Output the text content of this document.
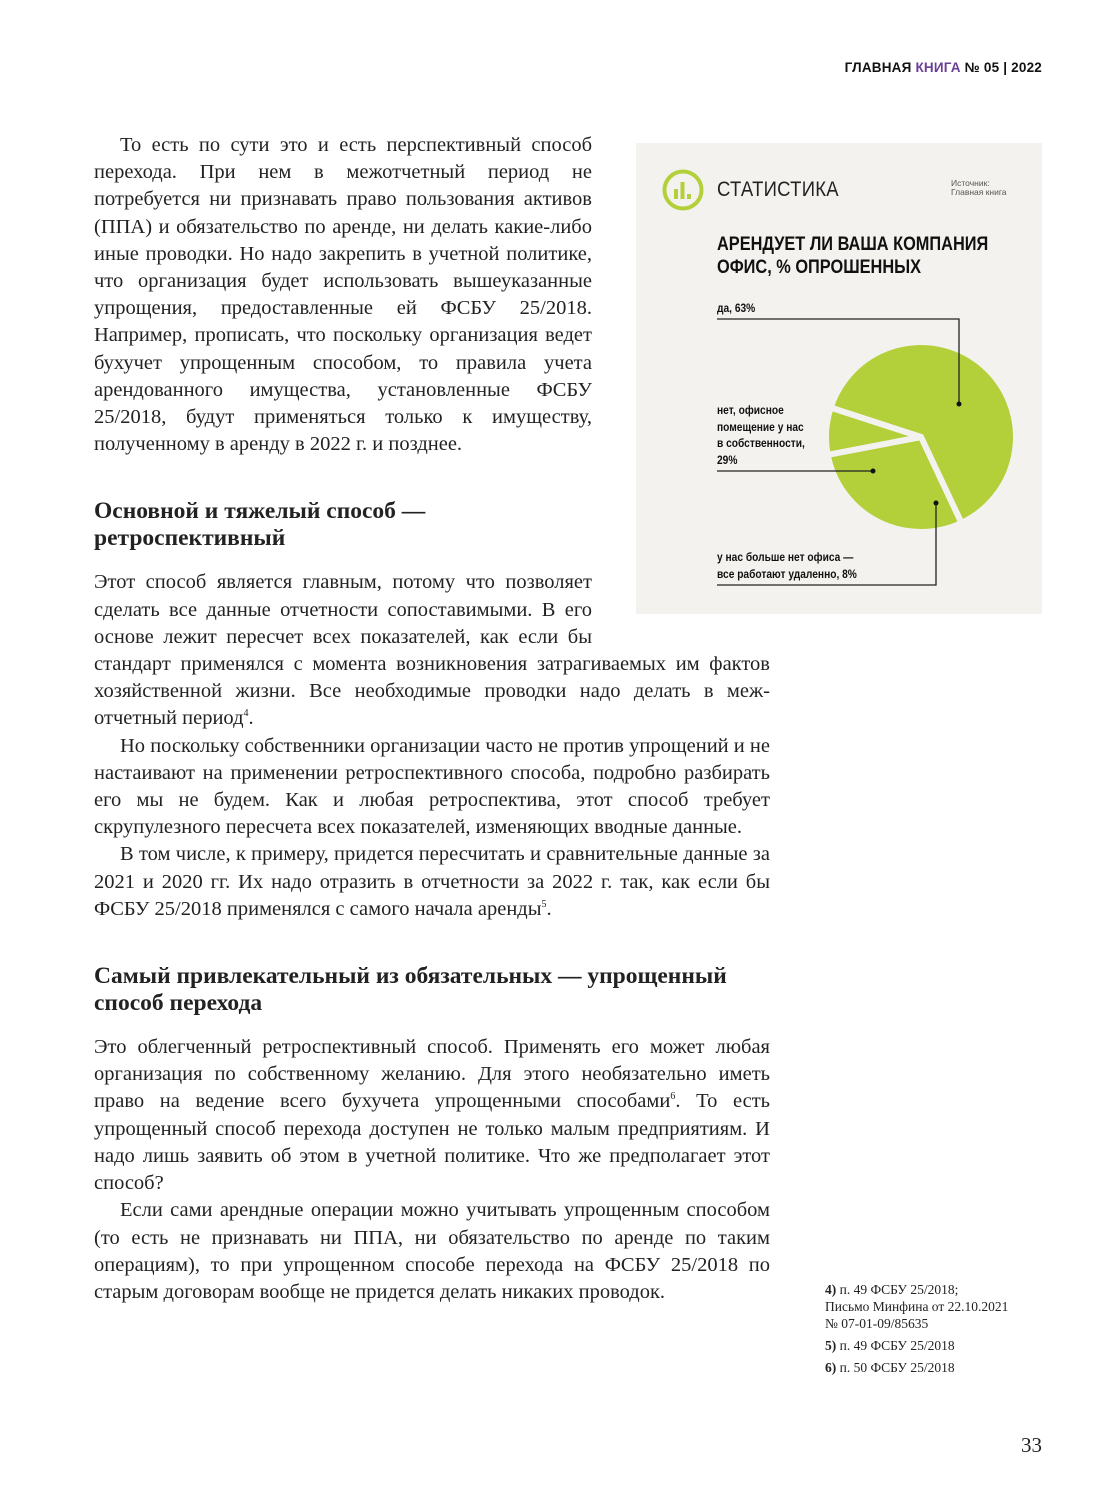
ГЛАВНАЯ КНИГА № 05 | 2022

То есть по сути это и есть перспективный способ перехода. При нем в межотчетный период не потребуется ни признавать право пользования активов (ППА) и обязательство по аренде, ни делать какие-либо иные проводки. Но надо закрепить в учетной политике, что организация будет использовать вышеуказанные упрощения, предоставленные ей ФСБУ 25/2018. Например, прописать, что поскольку организация ведет бухучет упрощенным способом, то правила учета арендованного имущества, установленные ФСБУ 25/2018, будут применяться только к имуществу, полученному в аренду в 2022 г. и позднее.

Основной и тяжелый способ — ретроспективный

Этот способ является главным, потому что позволяет сделать все данные отчетности сопоставимыми. В его основе лежит пересчет всех показателей, как если бы стандарт применялся с момента возникновения затрагиваемых им фактов хозяйственной жизни. Все необходимые проводки надо делать в межотчетный период$^4$.

Но поскольку собственники организации часто не против упрощений и не настаивают на применении ретроспективного способа, подробно разбирать его мы не будем. Как и любая ретроспектива, этот способ требует скрупулезного пересчета всех показателей, изменяющих вводные данные.

В том числе, к примеру, придется пересчитать и сравнительные данные за 2021 и 2020 гг. Их надо отразить в отчетности за 2022 г. так, как если бы ФСБУ 25/2018 применялся с самого начала аренды$^5$.

Самый привлекательный из обязательных — упрощенный способ перехода

Это облегченный ретроспективный способ. Применять его может любая организация по собственному желанию. Для этого необязательно иметь право на ведение всего бухучета упрощенными способами$^6$. То есть упрощенный способ перехода доступен не только малым предприятиям. И надо лишь заявить об этом в учетной политике. Что же предполагает этот способ?

Если сами арендные операции можно учитывать упрощенным способом (то есть не признавать ни ППА, ни обязательство по аренде по таким операциям), то при упрощенном способе перехода на ФСБУ 25/2018 по старым договорам вообще не придется делать никаких проводок.

СТАТИСТИКА	Источник:
Главная книга
АРЕНДУЕТ ЛИ ВАША КОМПАНИЯ
ОФИС, % ОПРОШЕННЫХ
да, 63%
нет, офисное
помещение у нас
в собственности,
29%
у нас больше нет офиса —
все работают удаленно, 8%
4) п. 49 ФСБУ 25/2018;
Письмо Минфина от 22.10.2021
№ 07-01-09/85635
5) п. 49 ФСБУ 25/2018
6) п. 50 ФСБУ 25/2018
33
